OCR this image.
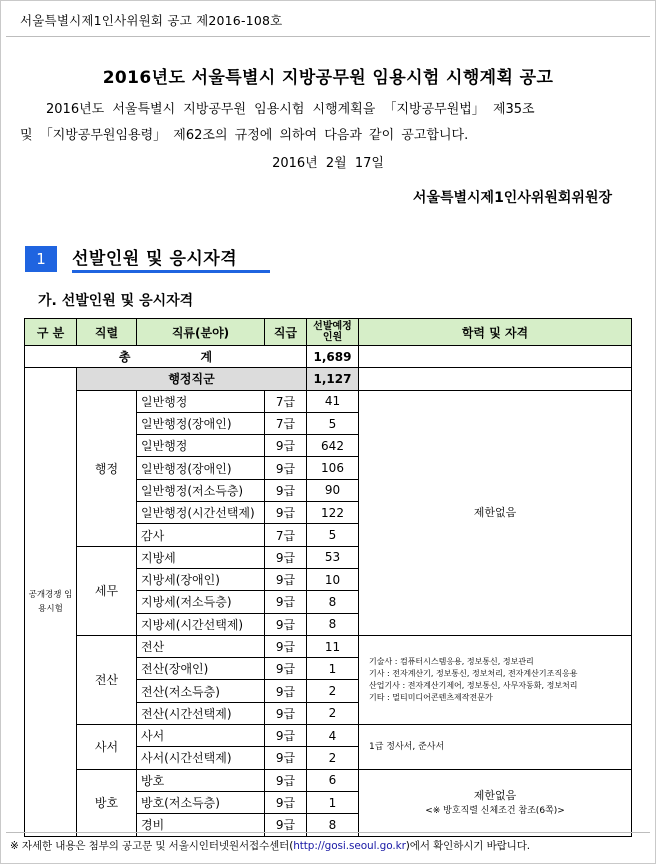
서울특별시제1인사위원회 공고 제2016-108호
2016년도 서울특별시 지방공무원 임용시험 시행계획 공고
2016년도 서울특별시 지방공무원 임용시험 시행계획을 「지방공무원법」 제35조
및 「지방공무원임용령」 제62조의 규정에 의하여 다음과 같이 공고합니다.
2016년 2월 17일
서울특별시제1인사위원회위원장
1	선발인원 및 응시자격
가. 선발인원 및 응시자격
구 분	직렬	직류(분야)	직급	선발예정인원	학력 및 자격
총 계				1,689	
공개경쟁 임용시험	행정직군			1,127	
	행정	일반행정	7급	41	제한없음
		일반행정(장애인)	7급	5	
		일반행정	9급	642	
		일반행정(장애인)	9급	106	
		일반행정(저소득층)	9급	90	
		일반행정(시간선택제)	9급	122	
		감사	7급	5	
	세무	지방세	9급	53	
		지방세(장애인)	9급	10	
		지방세(저소득층)	9급	8	
		지방세(시간선택제)	9급	8	
	전산	전산	9급	11	기술사 : 컴퓨터시스템응용, 정보통신, 정보관리
기사 : 전자계산기, 정보통신, 정보처리, 전자계산기조직응용
산업기사 : 전자계산기제어, 정보통신, 사무자동화, 정보처리
기타 : 멀티미디어콘텐츠제작전문가

		전산(장애인)	9급	1	
		전산(저소득층)	9급	2	
		전산(시간선택제)	9급	2	
	사서	사서	9급	4	1급 정사서, 준사서
		사서(시간선택제)	9급	2	
	방호	방호	9급	6	제한없음
<※ 방호직렬 신체조건 참조(6쪽)>

		방호(저소득층)	9급	1	
		경비	9급	8	
※ 자세한 내용은 첨부의 공고문 및 서울시인터넷원서접수센터(http://gosi.seoul.go.kr)에서 확인하시기 바랍니다.
